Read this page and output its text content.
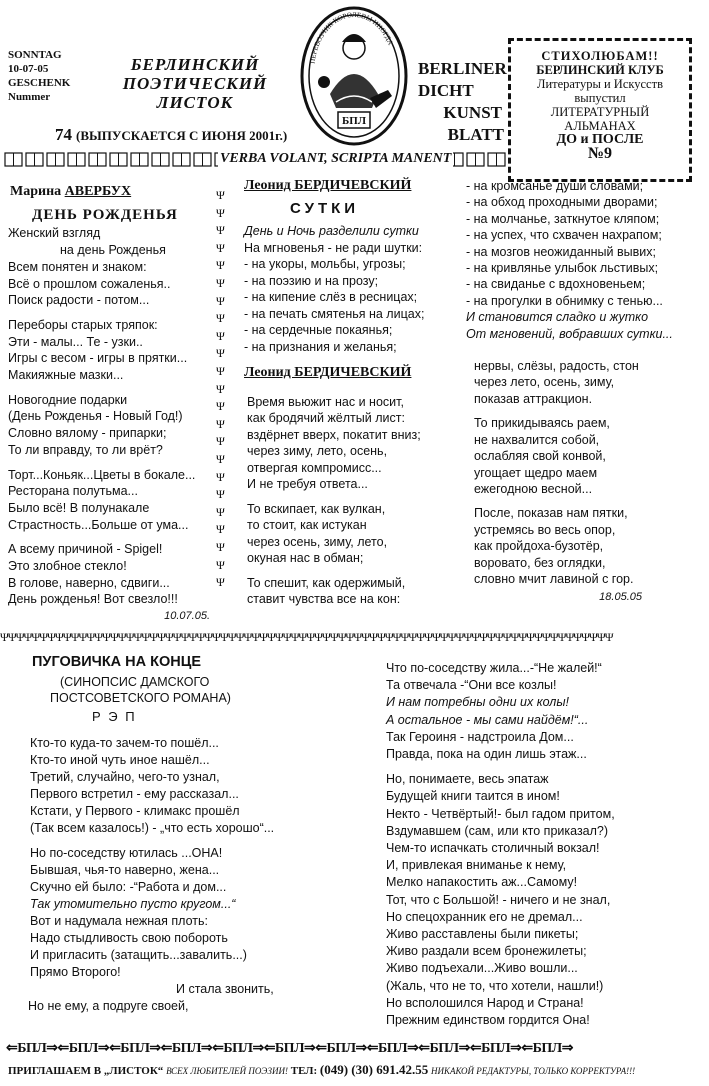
SONNTAG
10-07-05
GESCHENK
Nummer
БЕРЛИНСКИЙ
ПОЭТИЧЕСКИЙ
ЛИСТОК
74 (ВЫПУСКАЕТСЯ С ИЮНЯ 2001г.)
ПЕРЕВОЗЧИК КОРОЛЕВЫ ИНОГДА
БПЛ
BERLINER
DICHT
KUNST
BLATT
СТИХОЛЮБАМ!!
БЕРЛИНСКИЙ КЛУБ
Литературы и Искусств
выпустил
ЛИТЕРАТУРНЫЙ
АЛЬМАНАХ
ДО и ПОСЛЕ
№9
VERBA VOLANT, SCRIPTA MANENT
Марина АВЕРБУХ
ДЕНЬ РОЖДЕНЬЯ
Женский взгляд
на день Рожденья
Всем понятен и знаком:
Всё о прошлом сожаленья..
Поиск радости - потом...
Переборы старых тряпок:
Эти - малы... Те - узки..
Игры с весом - игры в прятки...
Макияжные мазки...
Новогодние подарки
(День Рожденья - Новый Год!)
Словно вялому - припарки;
То ли вправду, то ли врёт?
Торт...Коньяк...Цветы в бокале...
Ресторана полутьма...
Было всё! В полунакале
Страстность...Больше от ума...
А всему причиной - Spigel!
Это злобное стекло!
В голове, наверно, сдвиги...
День рожденья! Вот свезло!!!
10.07.05.
Ψ
Ψ
Ψ
Ψ
Ψ
Ψ
Ψ
Ψ
Ψ
Ψ
Ψ
Ψ
Ψ
Ψ
Ψ
Ψ
Ψ
Ψ
Ψ
Ψ
Ψ
Ψ
Ψ
Леонид БЕРДИЧЕВСКИЙ
СУТКИ
День и Ночь разделили сутки
На мгновенья - не ради шутки:
- на укоры, мольбы, угрозы;
- на поэзию и на прозу;
- на кипение слёз в ресницах;
- на печать смятенья на лицах;
- на сердечные покаянья;
- на признания и желанья;
Леонид БЕРДИЧЕВСКИЙ
Время вьюжит нас и носит,
как бродячий жёлтый лист:
вздёрнет вверх, покатит вниз;
через зиму, лето, осень,
отвергая компромисс...
И не требуя ответа...
То вскипает, как вулкан,
то стоит, как истукан
через осень, зиму, лето,
окуная нас в обман;
То спешит, как одержимый,
ставит чувства все на кон:
- на кромсанье души словами;
- на обход проходными дворами;
- на молчанье, заткнутое кляпом;
- на успех, что схвачен нахрапом;
- на мозгов неожиданный вывих;
- на кривлянье улыбок льстивых;
- на свиданье с вдохновеньем;
- на прогулки в обнимку с тенью...
И становится сладко и жутко
От мгновений, вобравших сутки...
нервы, слёзы, радость, стон
через лето, осень, зиму,
показав аттракцион.
То прикидываясь раем,
не нахвалится собой,
ослабляя свой конвой,
угощает щедро маем
ежегодною весной...
После, показав нам пятки,
устремясь во весь опор,
как пройдоха-бузотёр,
воровато, без оглядки,
словно мчит лавиной с гор.
18.05.05
ΨΨΨΨΨΨΨΨΨΨΨΨΨΨΨΨΨΨΨΨΨΨΨΨΨΨΨΨΨΨΨΨΨΨΨΨΨΨΨΨΨΨΨΨΨΨΨΨΨΨΨΨΨΨΨΨΨΨΨΨΨΨΨΨΨΨΨΨΨΨΨΨΨΨΨΨΨΨ
ПУГОВИЧКА НА КОНЦЕ
(СИНОПСИС ДАМСКОГО
ПОСТСОВЕТСКОГО РОМАНА)
Р Э П
Кто-то куда-то зачем-то пошёл...
Кто-то иной чуть иное нашёл...
Третий, случайно, чего-то узнал,
Первого встретил - ему рассказал...
Кстати, у Первого - климакс прошёл
(Так всем казалось!) - „что есть хорошо“...
Но по-соседству ютилась ...ОНА!
Бывшая, чья-то наверно, жена...
Скучно ей было: -“Работа и дом...
Так утомительно пусто кругом...“
Вот и надумала нежная плоть:
Надо стыдливость свою побороть
И пригласить (затащить...завалить...)
Прямо Второго!
И стала звонить,
Но не ему, а подруге своей,
Что по-соседству жила...-“Не жалей!“
Та отвечала -“Они все козлы!
И нам потребны одни их колы!
А остальное - мы сами найдём!“...
Так Героиня - надстроила Дом...
Правда, пока на один лишь этаж...
Но, понимаете, весь эпатаж
Будущей книги таится в ином!
Некто - Четвёртый!- был гадом притом,
Вздумавшем (сам, или кто приказал?)
Чем-то испачкать столичный вокзал!
И, привлекая вниманье к нему,
Мелко напакостить аж...Самому!
Тот, что с Большой! - ничего и не знал,
Но спецохранник его не дремал...
Живо расставлены были пикеты;
Живо раздали всем бронежилеты;
Живо подъехали...Живо вошли...
(Жаль, что не то, что хотели, нашли!)
Но всполошился Народ и Страна!
Прежним единством гордится Она!
⇐БПЛ⇒⇐БПЛ⇒⇐БПЛ⇒⇐БПЛ⇒⇐БПЛ⇒⇐БПЛ⇒⇐БПЛ⇒⇐БПЛ⇒⇐БПЛ⇒⇐БПЛ⇒⇐БПЛ⇒
ПРИГЛАШАЕМ В „ЛИСТОК“ ВСЕХ ЛЮБИТЕЛЕЙ ПОЭЗИИ! ТЕЛ: (049) (30) 691.42.55 НИКАКОЙ РЕДАКТУРЫ, ТОЛЬКО КОРРЕКТУРА!!!
